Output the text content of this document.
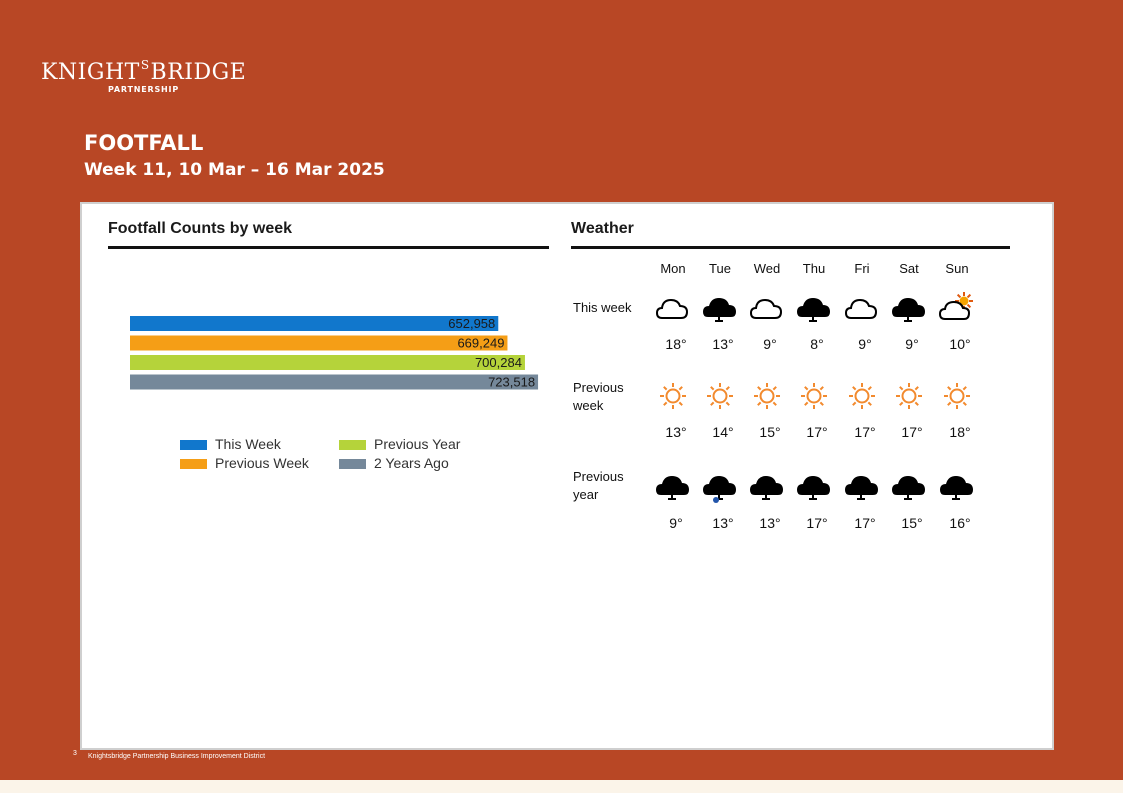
$KNIGHT^SBRIDGE$
PARTNERSHIP
FOOTFALL
Week 11, 10 Mar – 16 Mar 2025
Footfall Counts by week
652,958
669,249
700,284
723,518
This Week
Previous Week
Previous Year
2 Years Ago
Weather
Mon	Tue	Wed	Thu	Fri	Sat	Sun
This week
18°	13°	9°	8°	9°	9°	10°
Previous week
13°	14°	15°	17°	17°	17°	18°
Previous year
9°	13°	13°	17°	17°	15°	16°
3 Knightsbridge Partnership Business Improvement District
